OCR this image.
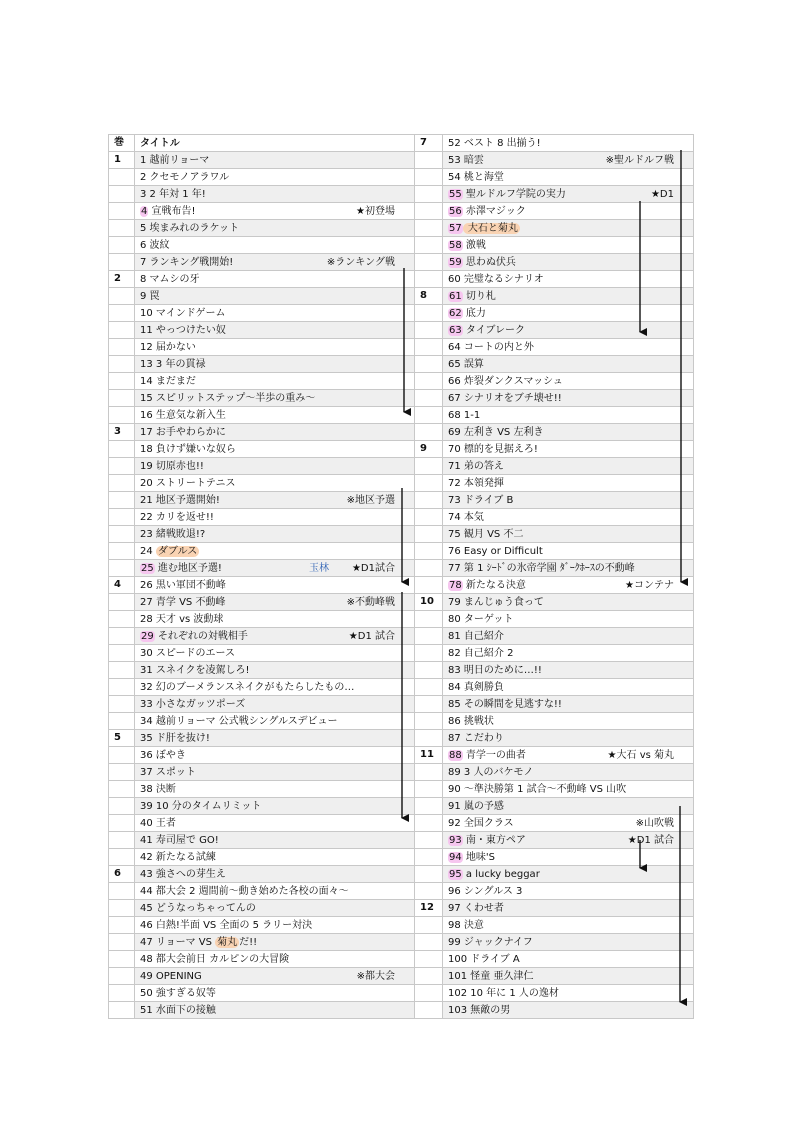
巻	タイトル
1	1 越前リョーマ

	2 クセモノアラワル

	3 2 年対 1 年!

	4 宣戦布告! ★初登場

	5 埃まみれのラケット

	6 波紋

	7 ランキング戦開始! ※ランキング戦

2	8 マムシの牙

	9 罠

	10 マインドゲーム

	11 やっつけたい奴

	12 届かない

	13 3 年の貫禄

	14 まだまだ

	15 スピリットステップ～半歩の重み～

	16 生意気な新入生

3	17 お手やわらかに

	18 負けず嫌いな奴ら

	19 切原赤也!!

	20 ストリートテニス

	21 地区予選開始! ※地区予選

	22 カリを返せ!!

	23 緒戦敗退!?

	24 ダブルス

	25 進む地区予選! 玉林 ★D1試合

4	26 黒い軍団不動峰

	27 青学 VS 不動峰 ※不動峰戦

	28 天才 vs 波動球

	29 それぞれの対戦相手 ★D1 試合

	30 スピードのエース

	31 スネイクを凌駕しろ!

	32 幻のブーメランスネイクがもたらしたもの…

	33 小さなガッツポーズ

	34 越前リョーマ 公式戦シングルスデビュー

5	35 ド肝を抜け!

	36 ぼやき

	37 スポット

	38 決断

	39 10 分のタイムリミット

	40 王者

	41 寿司屋で GO!

	42 新たなる試練

6	43 強さへの芽生え

	44 都大会 2 週間前～動き始めた各校の面々～

	45 どうなっちゃってんの

	46 白熱!半面 VS 全面の 5 ラリー対決

	47 リョーマ VS 菊丸 だ!!

	48 都大会前日 カルピンの大冒険

	49 OPENING ※都大会

	50 強すぎる奴等

	51 水面下の接触
7	52 ベスト 8 出揃う!

	53 暗雲 ※聖ルドルフ戦

	54 桃と海堂

	55 聖ルドルフ学院の実力 ★D1

	56 赤澤マジック

	57 大石と菊丸

	58 激戦

	59 思わぬ伏兵

	60 完璧なるシナリオ

8	61 切り札

	62 底力

	63 タイブレーク

	64 コートの内と外

	65 誤算

	66 炸裂ダンクスマッシュ

	67 シナリオをブチ壊せ!!

	68 1-1

	69 左利き VS 左利き

9	70 標的を見据えろ!

	71 弟の答え

	72 本領発揮

	73 ドライブ B

	74 本気

	75 観月 VS 不二

	76 Easy or Difficult

	77 第 1 ｼｰﾄﾞの氷帝学園 ﾀﾞｰｸﾎｰｽの不動峰

	78 新たなる決意 ★コンテナ

10	79 まんじゅう食って

	80 ターゲット

	81 自己紹介

	82 自己紹介 2

	83 明日のために…!!

	84 真剣勝負

	85 その瞬間を見逃すな!!

	86 挑戦状

	87 こだわり

11	88 青学一の曲者 ★大石 vs 菊丸

	89 3 人のバケモノ

	90 ～準決勝第 1 試合～不動峰 VS 山吹

	91 嵐の予感

	92 全国クラス ※山吹戦

	93 南・東方ペア ★D1 試合

	94 地味'S

	95 a lucky beggar

	96 シングルス 3

12	97 くわせ者

	98 決意

	99 ジャックナイフ

	100 ドライブ A

	101 怪童 亜久津仁

	102 10 年に 1 人の逸材

	103 無敵の男
